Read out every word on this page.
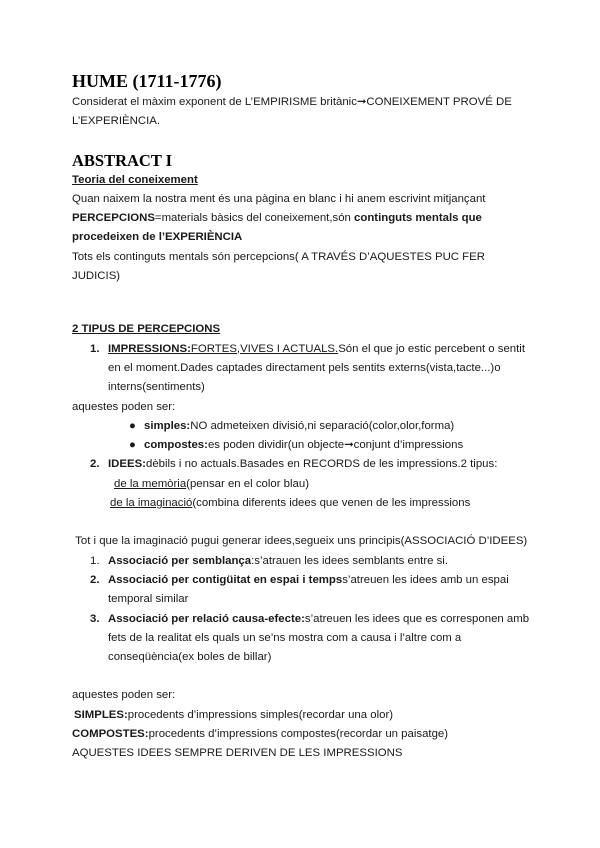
HUME (1711-1776)

Considerat el màxim exponent de L’EMPIRISME britànic➞CONEIXEMENT PROVÉ DE L’EXPERIÈNCIA.

ABSTRACT I

Teoria del coneixement

Quan naixem la nostra ment és una pàgina en blanc i hi anem escrivint mitjançant

PERCEPCIONS=materials bàsics del coneixement,són continguts mentals que procedeixen de l’EXPERIÈNCIA

Tots els continguts mentals són percepcions( A TRAVÉS D’AQUESTES PUC FER JUDICIS)

2 TIPUS DE PERCEPCIONS

1. IMPRESSIONS:FORTES,VIVES I ACTUALS.Són el que jo estic percebent o sentit en el moment.Dades captades directament pels sentits externs(vista,tacte...)o interns(sentiments)

aquestes poden ser:

● simples:NO admeteixen divisió,ni separació(color,olor,forma)
● compostes:es poden dividir(un objecte➞conjunt d’impressions
2. IDEES:dèbils i no actuals.Basades en RECORDS de les impressions.2 tipus:

de la memòria(pensar en el color blau)

de la imaginació(combina diferents idees que venen de les impressions

Tot i que la imaginació pugui generar idees,segueix uns principis(ASSOCIACIÓ D’IDEES)

1. Associació per semblança:s’atrauen les idees semblants entre si.
2. Associació per contigüitat en espai i tempss’atreuen les idees amb un espai temporal similar
3. Associació per relació causa-efecte:s’atreuen les idees que es corresponen amb fets de la realitat els quals un se’ns mostra com a causa i l’altre com a conseqüència(ex boles de billar)

aquestes poden ser:

SIMPLES:procedents d’impressions simples(recordar una olor)

COMPOSTES:procedents d’impressions compostes(recordar un paisatge)

AQUESTES IDEES SEMPRE DERIVEN DE LES IMPRESSIONS
